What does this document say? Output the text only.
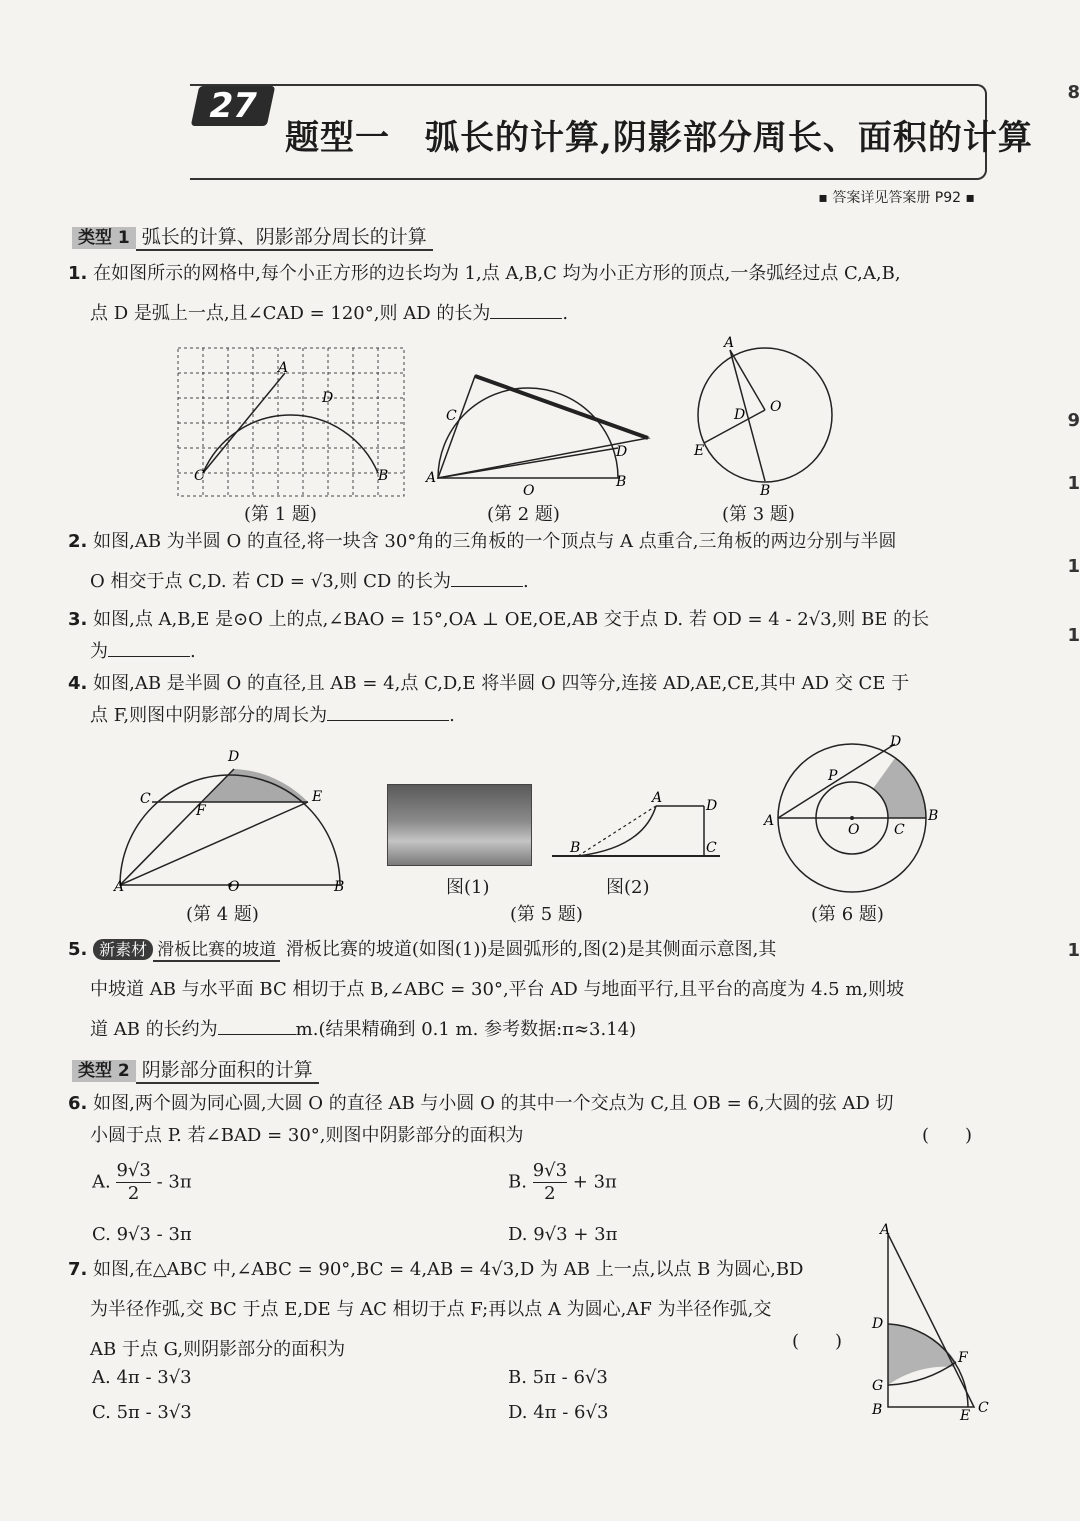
27
题型一　弧长的计算,阴影部分周长、面积的计算
▪ 答案详见答案册 P92 ▪
8
9
1
1
1
1
类型 1 弧长的计算、阴影部分周长的计算
1. 在如图所示的网格中,每个小正方形的边长均为 1,点 A,B,C 均为小正方形的顶点,一条弧经过点 C,A,B,
点 D 是弧上一点,且∠CAD = 120°,则 AD 的长为	.
A
D
C	B	A
O
B
C
D
A
D O
E
B
(第 1 题)	(第 2 题)	(第 3 题)
2. 如图,AB 为半圆 O 的直径,将一块含 30°角的三角板的一个顶点与 A 点重合,三角板的两边分别与半圆
O 相交于点 C,D. 若 CD = √3,则 CD 的长为	.
3. 如图,点 A,B,E 是⊙O 上的点,∠BAO = 15°,OA ⊥ OE,OE,AB 交于点 D. 若 OD = 4 - 2√3,则 BE 的长
为	.
4. 如图,AB 是半圆 O 的直径,且 AB = 4,点 C,D,E 将半圆 O 四等分,连接 AD,AE,CE,其中 AD 交 CE 于
点 F,则图中阴影部分的周长为	.
A	O	B
C
D
E
F
A	D
B	C
A
O C
B
P
D
(第 4 题)
图(1)	图(2)
(第 5 题)	(第 6 题)
5. 新素材 滑板比赛的坡道 滑板比赛的坡道(如图(1))是圆弧形的,图(2)是其侧面示意图,其
中坡道 AB 与水平面 BC 相切于点 B,∠ABC = 30°,平台 AD 与地面平行,且平台的高度为 4.5 m,则坡
道 AB 的长约为	m.(结果精确到 0.1 m. 参考数据:π≈3.14)
类型 2 阴影部分面积的计算
6. 如图,两个圆为同心圆,大圆 O 的直径 AB 与小圆 O 的其中一个交点为 C,且 OB = 6,大圆的弦 AD 切
小圆于点 P. 若∠BAD = 30°,则图中阴影部分的面积为	(　　)
A. $\frac{9√3}{2} - 3\pi$	B. $\frac{9√3}{2} + 3\pi$
C. 9√3 - 3π	D. 9√3 + 3π
7. 如图,在△ABC 中,∠ABC = 90°,BC = 4,AB = 4√3,D 为 AB 上一点,以点 B 为圆心,BD
为半径作弧,交 BC 于点 E,DE 与 AC 相切于点 F;再以点 A 为圆心,AF 为半径作弧,交
AB 于点 G,则阴影部分的面积为	(　　)
A. 4π - 3√3	B. 5π - 6√3
C. 5π - 3√3	D. 4π - 6√3
A
D
F
G
B	E C
